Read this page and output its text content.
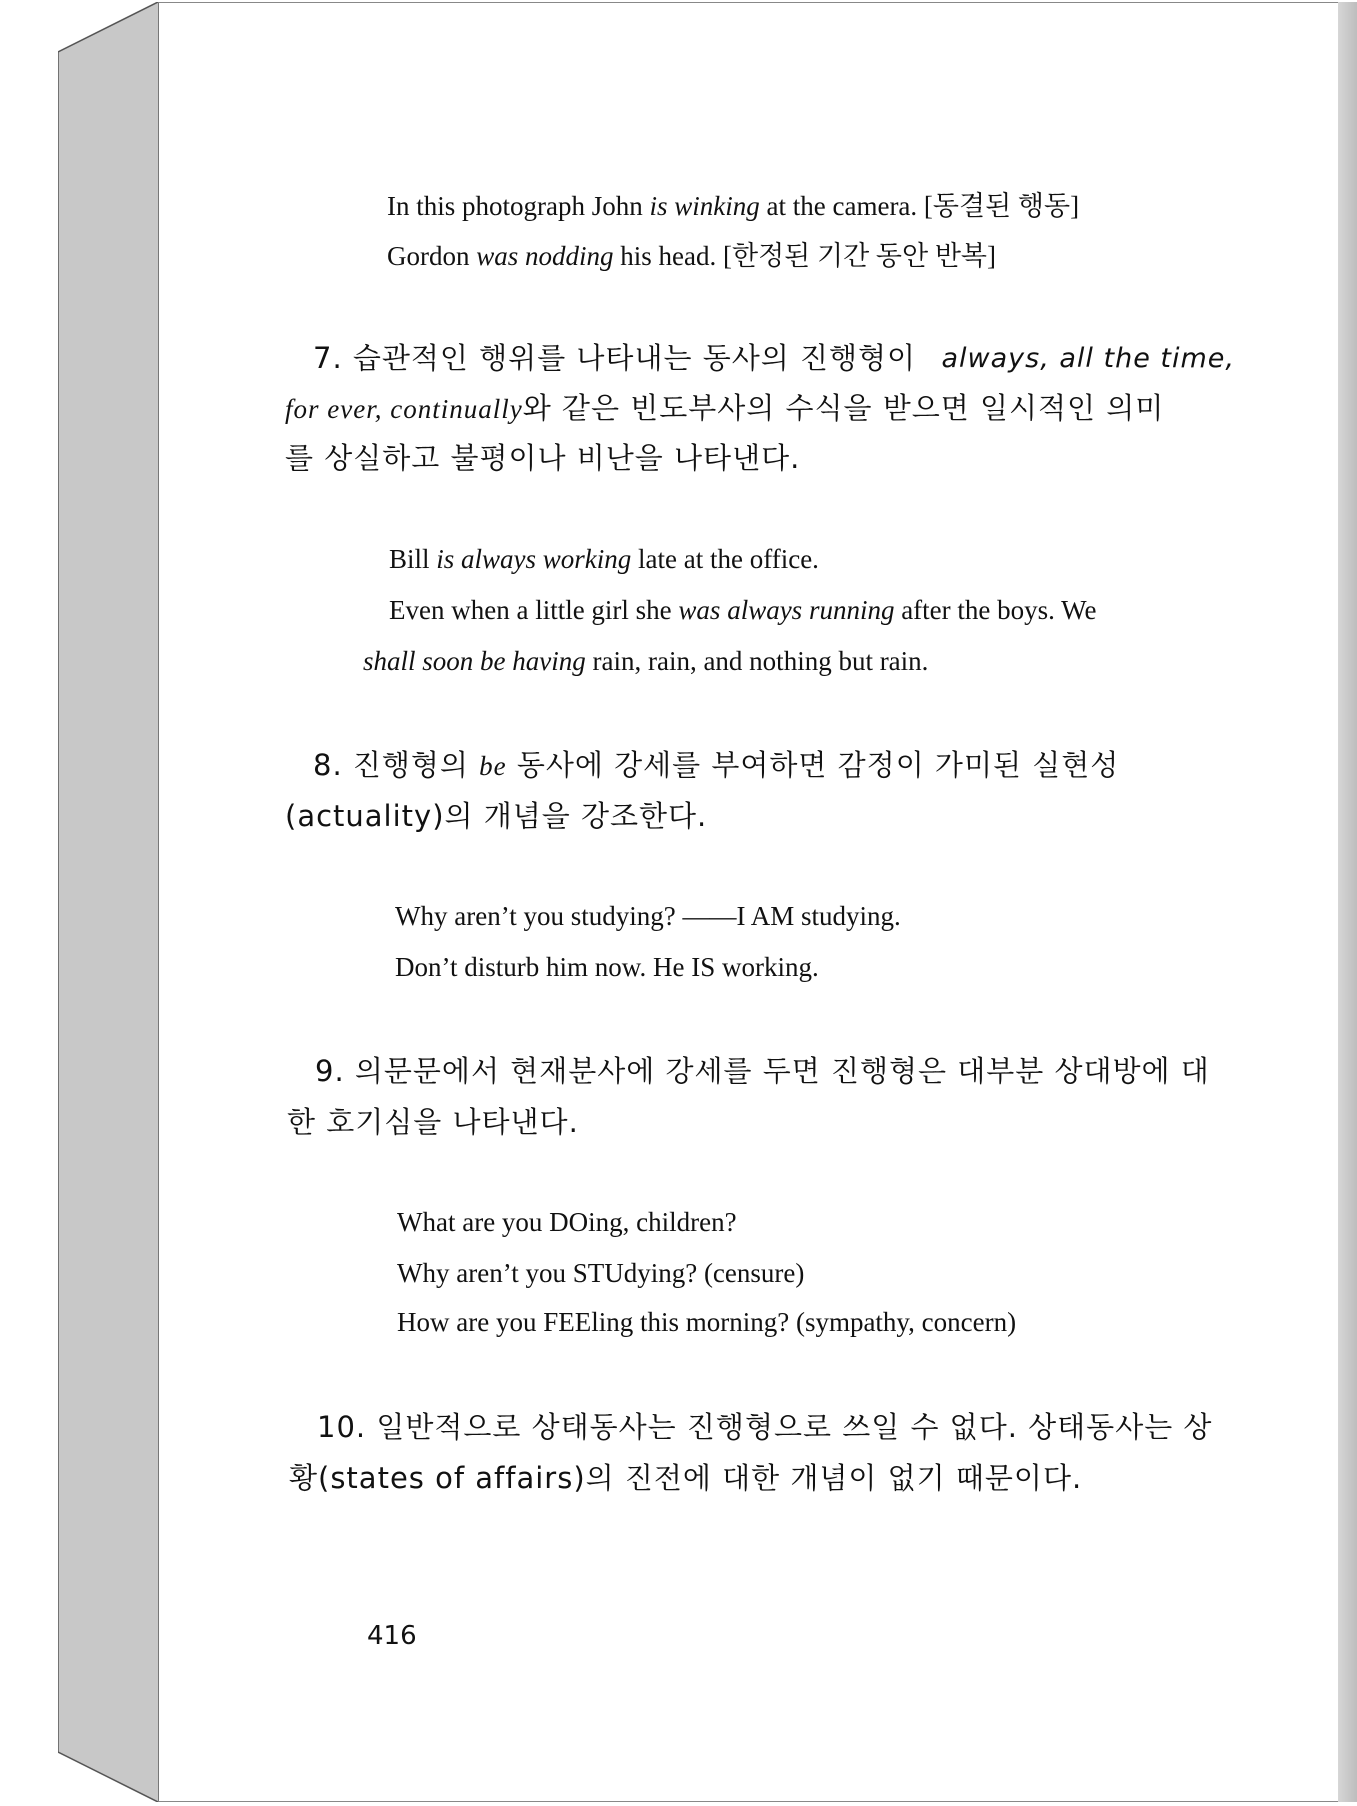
In this photograph John is winking at the camera. [동결된 행동]
Gordon was nodding his head. [한정된 기간 동안 반복]
7. 습관적인 행위를 나타내는 동사의 진행형이 always, all the time,
for ever, continually와 같은 빈도부사의 수식을 받으면 일시적인 의미
를 상실하고 불평이나 비난을 나타낸다.
Bill is always working late at the office.
Even when a little girl she was always running after the boys. We
shall soon be having rain, rain, and nothing but rain.
8. 진행형의 be 동사에 강세를 부여하면 감정이 가미된 실현성
(actuality)의 개념을 강조한다.
Why aren’t you studying? ――I AM studying.
Don’t disturb him now. He IS working.
9. 의문문에서 현재분사에 강세를 두면 진행형은 대부분 상대방에 대
한 호기심을 나타낸다.
What are you DOing, children?
Why aren’t you STUdying? (censure)
How are you FEEling this morning? (sympathy, concern)
10. 일반적으로 상태동사는 진행형으로 쓰일 수 없다. 상태동사는 상
황(states of affairs)의 진전에 대한 개념이 없기 때문이다.
416
